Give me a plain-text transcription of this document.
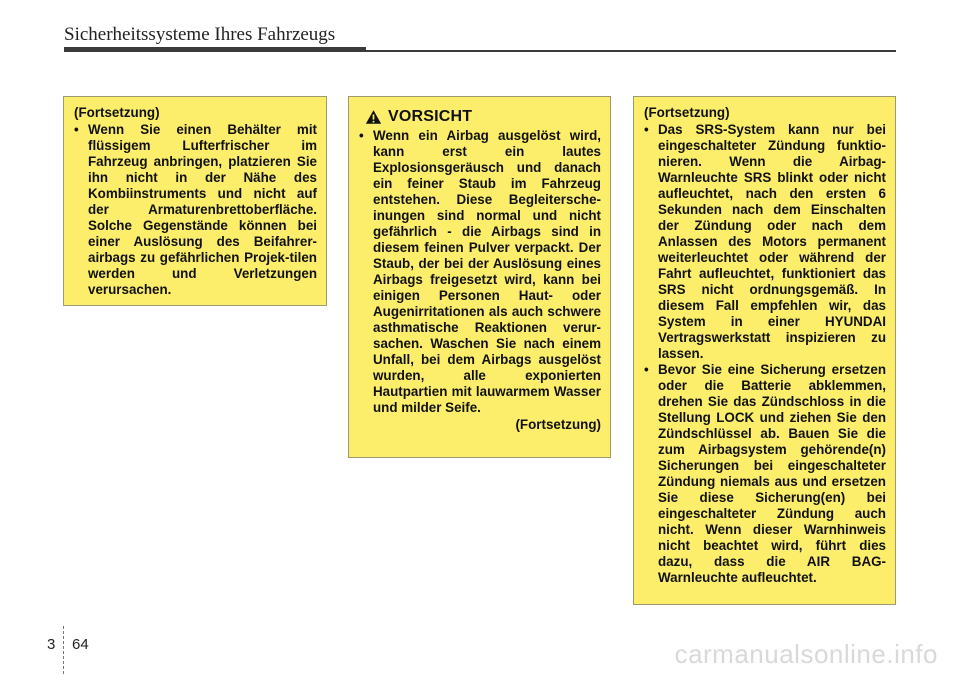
Sicherheitssysteme Ihres Fahrzeugs
(Fortsetzung)
• Wenn Sie einen Behälter mit flüssigem Lufterfrischer im Fahrzeug anbringen, platzieren Sie ihn nicht in der Nähe des Kombiinstruments und nicht auf der Armaturenbrettoberfläche. Solche Gegenstände können bei einer Auslösung des Beifahrer-airbags zu gefährlichen Projek-tilen werden und Verletzungen verursachen.
VORSICHT
• Wenn ein Airbag ausgelöst wird, kann erst ein lautes Explosionsgeräusch und danach ein feiner Staub im Fahrzeug entstehen. Diese Begleitersche-inungen sind normal und nicht gefährlich - die Airbags sind in diesem feinen Pulver verpackt. Der Staub, der bei der Auslösung eines Airbags freigesetzt wird, kann bei einigen Personen Haut- oder Augenirritationen als auch schwere asthmatische Reaktionen verur-sachen. Waschen Sie nach einem Unfall, bei dem Airbags ausgelöst wurden, alle exponierten Hautpartien mit lauwarmem Wasser und milder Seife.
(Fortsetzung)
(Fortsetzung)
• Das SRS-System kann nur bei eingeschalteter Zündung funktio-nieren. Wenn die Airbag-Warnleuchte SRS blinkt oder nicht aufleuchtet, nach den ersten 6 Sekunden nach dem Einschalten der Zündung oder nach dem Anlassen des Motors permanent weiterleuchtet oder während der Fahrt aufleuchtet, funktioniert das SRS nicht ordnungsgemäß. In diesem Fall empfehlen wir, das System in einer HYUNDAI Vertragswerkstatt inspizieren zu lassen.
• Bevor Sie eine Sicherung ersetzen oder die Batterie abklemmen, drehen Sie das Zündschloss in die Stellung LOCK und ziehen Sie den Zündschlüssel ab. Bauen Sie die zum Airbagsystem gehörende(n) Sicherungen bei eingeschalteter Zündung niemals aus und ersetzen Sie diese Sicherung(en) bei eingeschalteter Zündung auch nicht. Wenn dieser Warnhinweis nicht beachtet wird, führt dies dazu, dass die AIR BAG-Warnleuchte aufleuchtet.
3 64	carmanualsonline.info
